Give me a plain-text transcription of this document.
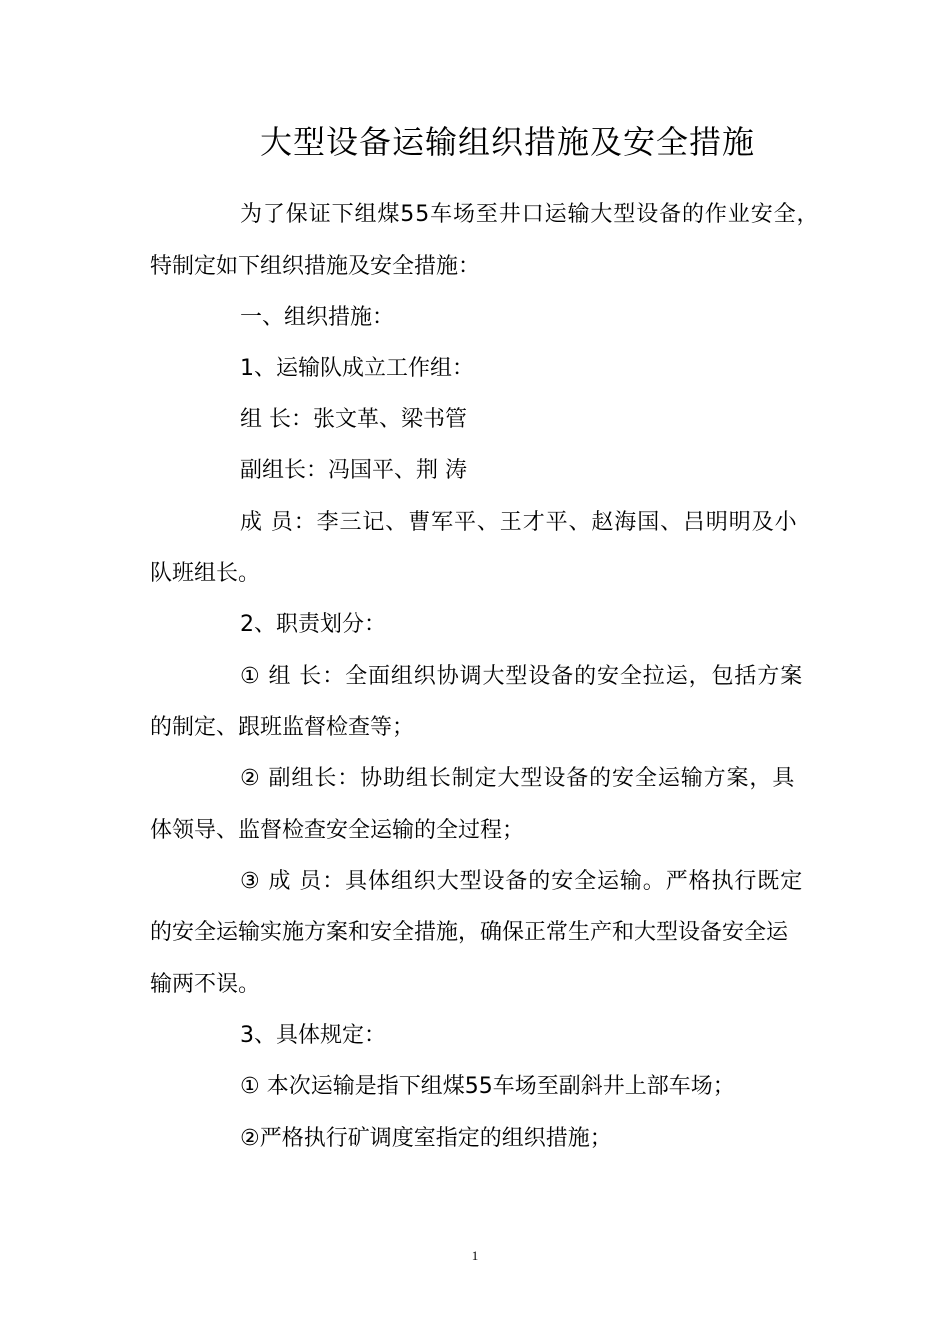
大型设备运输组织措施及安全措施
为了保证下组煤55车场至井口运输大型设备的作业安全，
特制定如下组织措施及安全措施：
一、组织措施：
1、运输队成立工作组：
组 长：张文革、梁书管
副组长：冯国平、荆 涛
成 员：李三记、曹军平、王才平、赵海国、吕明明及小
队班组长。
2、职责划分：
① 组 长：全面组织协调大型设备的安全拉运，包括方案
的制定、跟班监督检查等；
② 副组长：协助组长制定大型设备的安全运输方案，具
体领导、监督检查安全运输的全过程；
③ 成 员：具体组织大型设备的安全运输。严格执行既定
的安全运输实施方案和安全措施，确保正常生产和大型设备安全运
输两不误。
3、具体规定：
① 本次运输是指下组煤55车场至副斜井上部车场；
②严格执行矿调度室指定的组织措施；
1
